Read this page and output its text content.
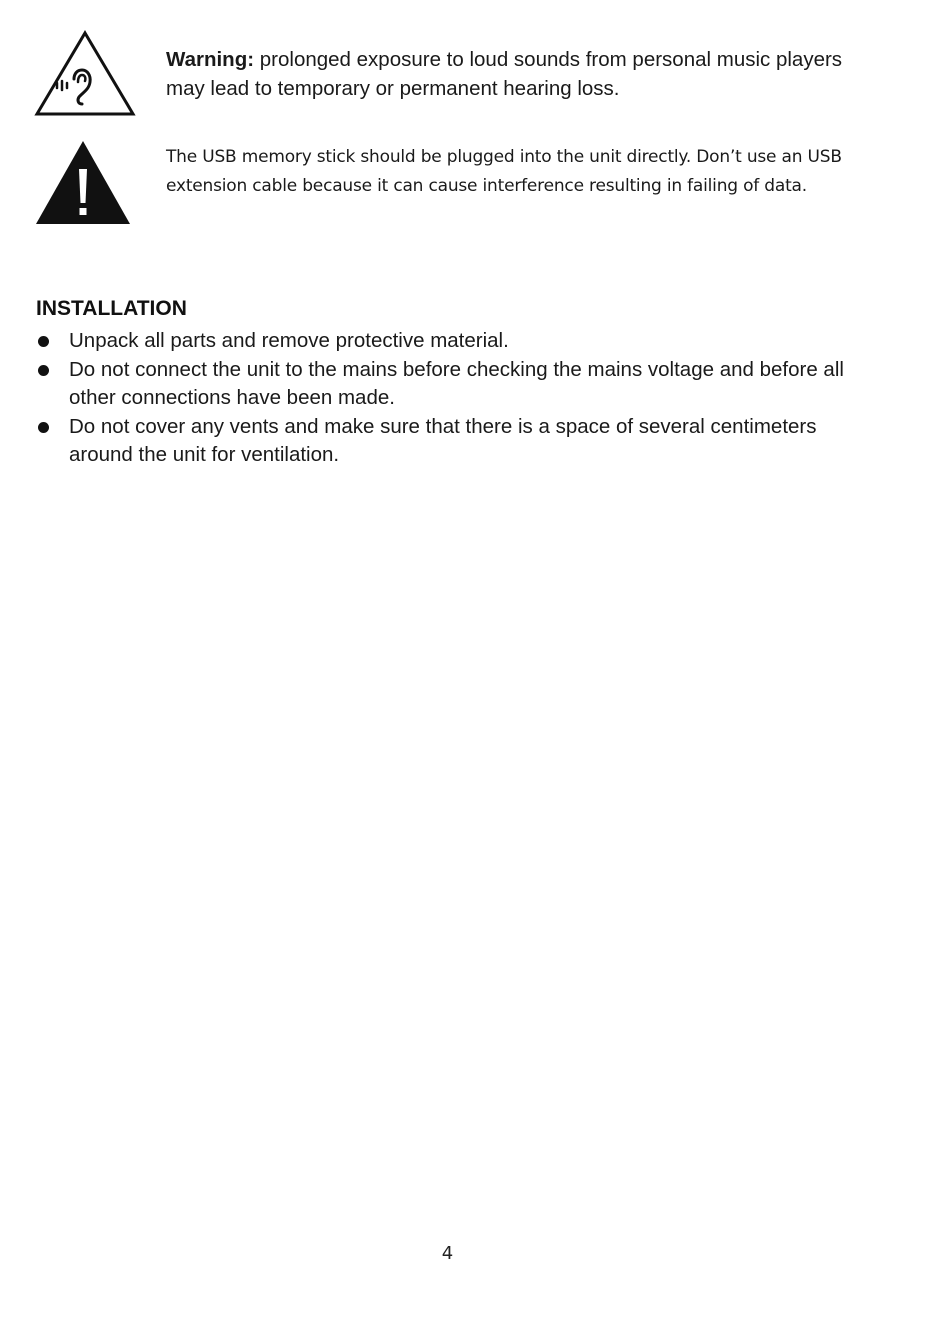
Warning: prolonged exposure to loud sounds from personal music players may lead to temporary or permanent hearing loss.
The USB memory stick should be plugged into the unit directly. Don’t use an USB extension cable because it can cause interference resulting in failing of data.
INSTALLATION
Unpack all parts and remove protective material.
Do not connect the unit to the mains before checking the mains voltage and before all other connections have been made.
Do not cover any vents and make sure that there is a space of several centimeters around the unit for ventilation.
4
